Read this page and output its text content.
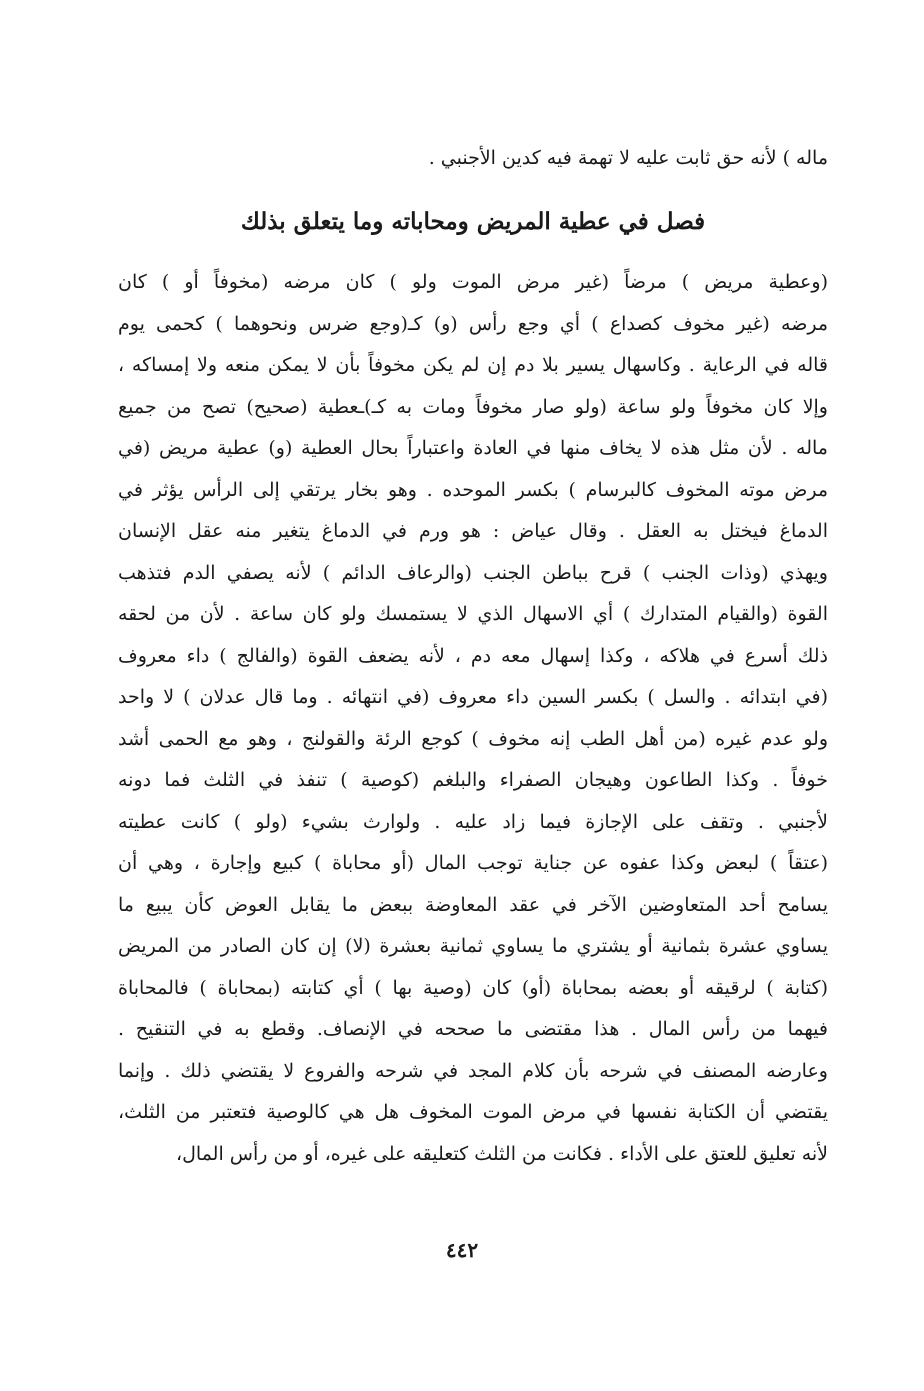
ماله ) لأنه حق ثابت عليه لا تهمة فيه كدين الأجنبي .
فصل في عطية المريض ومحاباته وما يتعلق بذلك
(وعطية مريض ) مرضاً (غير مرض الموت ولو ) كان مرضه (مخوفاً أو ) كان
مرضه (غير مخوف كصداع ) أي وجع رأس (و) كـ(وجع ضرس ونحوهما ) كحمى يوم
قاله في الرعاية . وكاسهال يسير بلا دم إن لم يكن مخوفاً بأن لا يمكن منعه ولا إمساكه ،
وإلا كان مخوفاً ولو ساعة (ولو صار مخوفاً ومات به كـ)ـعطية (صحيح) تصح من جميع
ماله . لأن مثل هذه لا يخاف منها في العادة واعتباراً بحال العطية (و) عطية مريض (في
مرض موته المخوف كالبرسام ) بكسر الموحده . وهو بخار يرتقي إلى الرأس يؤثر في
الدماغ فيختل به العقل . وقال عياض : هو ورم في الدماغ يتغير منه عقل الإنسان
ويهذي (وذات الجنب ) قرح بباطن الجنب (والرعاف الدائم ) لأنه يصفي الدم فتذهب
القوة (والقيام المتدارك ) أي الاسهال الذي لا يستمسك ولو كان ساعة . لأن من لحقه
ذلك أسرع في هلاكه ، وكذا إسهال معه دم ، لأنه يضعف القوة (والفالج ) داء معروف
(في ابتدائه . والسل ) بكسر السين داء معروف (في انتهائه . وما قال عدلان ) لا واحد
ولو عدم غيره (من أهل الطب إنه مخوف ) كوجع الرئة والقولنج ، وهو مع الحمى أشد
خوفاً . وكذا الطاعون وهيجان الصفراء والبلغم (كوصية ) تنفذ في الثلث فما دونه
لأجنبي . وتقف على الإجازة فيما زاد عليه . ولوارث بشيء (ولو ) كانت عطيته
(عتقاً ) لبعض وكذا عفوه عن جناية توجب المال (أو محاباة ) كبيع وإجارة ، وهي أن
يسامح أحد المتعاوضين الآخر في عقد المعاوضة ببعض ما يقابل العوض كأن يبيع ما
يساوي عشرة بثمانية أو يشتري ما يساوي ثمانية بعشرة (لا) إن كان الصادر من المريض
(كتابة ) لرقيقه أو بعضه بمحاباة (أو) كان (وصية بها ) أي كتابته (بمحاباة ) فالمحاباة
فيهما من رأس المال . هذا مقتضى ما صححه في الإنصاف. وقطع به في التنقيح .
وعارضه المصنف في شرحه بأن كلام المجد في شرحه والفروع لا يقتضي ذلك . وإنما
يقتضي أن الكتابة نفسها في مرض الموت المخوف هل هي كالوصية فتعتبر من الثلث،
لأنه تعليق للعتق على الأداء . فكانت من الثلث كتعليقه على غيره، أو من رأس المال،
٤٤٢
